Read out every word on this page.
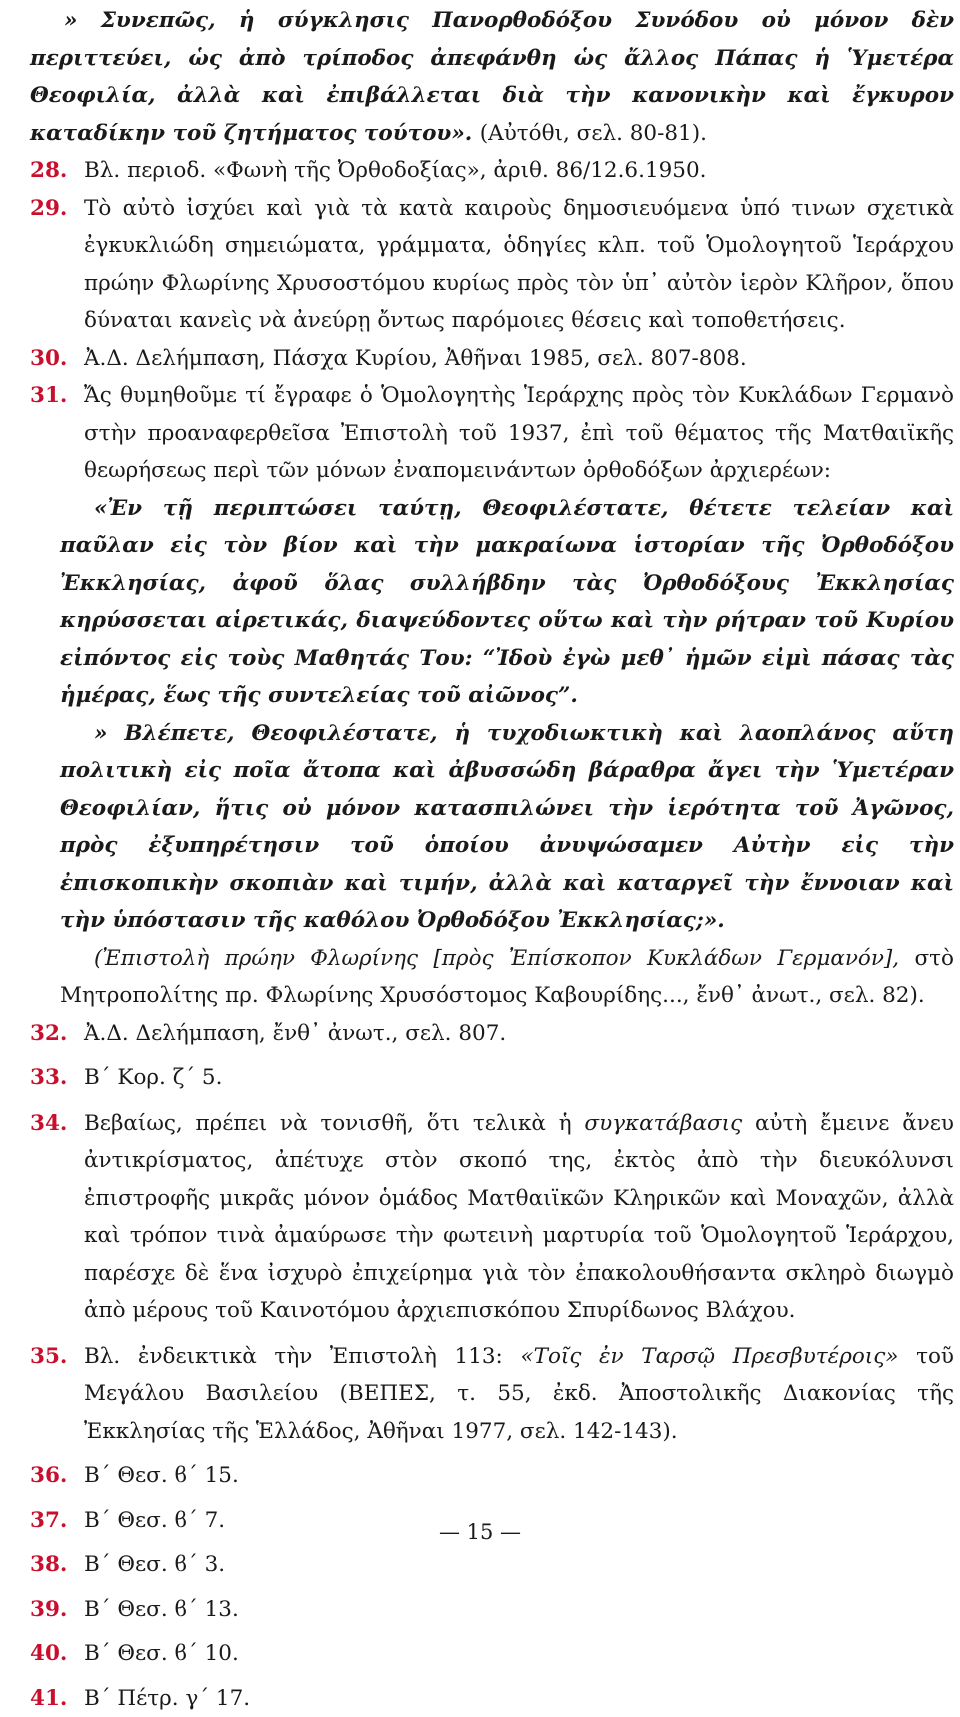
» Συνεπῶς, ἡ σύγκλησις Πανορθοδόξου Συνόδου οὐ μόνον δὲν περιττεύει, ὡς ἀπὸ τρίποδος ἀπεφάνθη ὡς ἄλλος Πάπας ἡ Ὑμετέρα Θεοφιλία, ἀλλὰ καὶ ἐπιβάλλεται διὰ τὴν κανονικὴν καὶ ἔγκυρον καταδίκην τοῦ ζητήματος τούτου». (Αὐτόθι, σελ. 80-81).

28. Βλ. περιοδ. «Φωνὴ τῆς Ὀρθοδοξίας», ἀριθ. 86/12.6.1950.

29. Τὸ αὐτὸ ἰσχύει καὶ γιὰ τὰ κατὰ καιροὺς δημοσιευόμενα ὑπό τινων σχετικὰ ἐγκυκλιώδη σημειώματα, γράμματα, ὁδηγίες κλπ. τοῦ Ὁμολογητοῦ Ἱεράρχου πρώην Φλωρίνης Χρυσοστόμου κυρίως πρὸς τὸν ὑπ᾽ αὐτὸν ἱερὸν Κλῆρον, ὅπου δύναται κανεὶς νὰ ἀνεύρῃ ὄντως παρόμοιες θέσεις καὶ τοποθετήσεις.

30. Ἀ.Δ. Δελήμπαση, Πάσχα Κυρίου, Ἀθῆναι 1985, σελ. 807-808.

31. Ἄς θυμηθοῦμε τί ἔγραφε ὁ Ὁμολογητὴς Ἱεράρχης πρὸς τὸν Κυκλάδων Γερμανὸ στὴν προαναφερθεῖσα Ἐπιστολὴ τοῦ 1937, ἐπὶ τοῦ θέματος τῆς Ματθαιϊκῆς θεωρήσεως περὶ τῶν μόνων ἐναπομεινάντων ὀρθοδόξων ἀρχιερέων:

«Ἐν τῇ περιπτώσει ταύτῃ, Θεοφιλέστατε, θέτετε τελείαν καὶ παῦλαν εἰς τὸν βίον καὶ τὴν μακραίωνα ἱστορίαν τῆς Ὀρθοδόξου Ἐκκλησίας, ἀφοῦ ὅλας συλλήβδην τὰς Ὀρθοδόξους Ἐκκλησίας κηρύσσεται αἱρετικάς, διαψεύδοντες οὕτω καὶ τὴν ρήτραν τοῦ Κυρίου εἰπόντος εἰς τοὺς Μαθητάς Του: “Ἰδοὺ ἐγὼ μεθ᾽ ἡμῶν εἰμὶ πάσας τὰς ἡμέρας, ἕως τῆς συντελείας τοῦ αἰῶνος”.

» Βλέπετε, Θεοφιλέστατε, ἡ τυχοδιωκτικὴ καὶ λαοπλάνος αὕτη πολιτικὴ εἰς ποῖα ἄτοπα καὶ ἀβυσσώδη βάραθρα ἄγει τὴν Ὑμετέραν Θεοφιλίαν, ἥτις οὐ μόνον κατασπιλώνει τὴν ἱερότητα τοῦ Ἀγῶνος, πρὸς ἐξυπηρέτησιν τοῦ ὁποίου ἀνυψώσαμεν Αὐτὴν εἰς τὴν ἐπισκοπικὴν σκοπιὰν καὶ τιμήν, ἀλλὰ καὶ καταργεῖ τὴν ἔννοιαν καὶ τὴν ὑπόστασιν τῆς καθόλου Ὀρθοδόξου Ἐκκλησίας;».

(Ἐπιστολὴ πρώην Φλωρίνης [πρὸς Ἐπίσκοπον Κυκλάδων Γερμανόν], στὸ Μητροπολίτης πρ. Φλωρίνης Χρυσόστομος Καβουρίδης..., ἔνθ᾽ ἀνωτ., σελ. 82).

32. Ἀ.Δ. Δελήμπαση, ἔνθ᾽ ἀνωτ., σελ. 807.

33. Β´ Κορ. ζ´ 5.

34. Βεβαίως, πρέπει νὰ τονισθῆ, ὅτι τελικὰ ἡ συγκατάβασις αὐτὴ ἔμεινε ἄνευ ἀντικρίσματος, ἀπέτυχε στὸν σκοπό της, ἐκτὸς ἀπὸ τὴν διευκόλυνσι ἐπιστροφῆς μικρᾶς μόνον ὁμάδος Ματθαιϊκῶν Κληρικῶν καὶ Μοναχῶν, ἀλλὰ καὶ τρόπον τινὰ ἀμαύρωσε τὴν φωτεινὴ μαρτυρία τοῦ Ὁμολογητοῦ Ἱεράρχου, παρέσχε δὲ ἕνα ἰσχυρὸ ἐπιχείρημα γιὰ τὸν ἐπακολουθήσαντα σκληρὸ διωγμὸ ἀπὸ μέρους τοῦ Καινοτόμου ἀρχιεπισκόπου Σπυρίδωνος Βλάχου.

35. Βλ. ἐνδεικτικὰ τὴν Ἐπιστολὴ 113: «Τοῖς ἐν Ταρσῷ Πρεσβυτέροις» τοῦ Μεγάλου Βασιλείου (ΒΕΠΕΣ, τ. 55, ἐκδ. Ἀποστολικῆς Διακονίας τῆς Ἐκκλησίας τῆς Ἑλλάδος, Ἀθῆναι 1977, σελ. 142-143).

36. Β´ Θεσ. ϐ´ 15.

37. Β´ Θεσ. ϐ´ 7.

38. Β´ Θεσ. ϐ´ 3.

39. Β´ Θεσ. ϐ´ 13.

40. Β´ Θεσ. ϐ´ 10.

41. Β´ Πέτρ. γ´ 17.

— 15 —
